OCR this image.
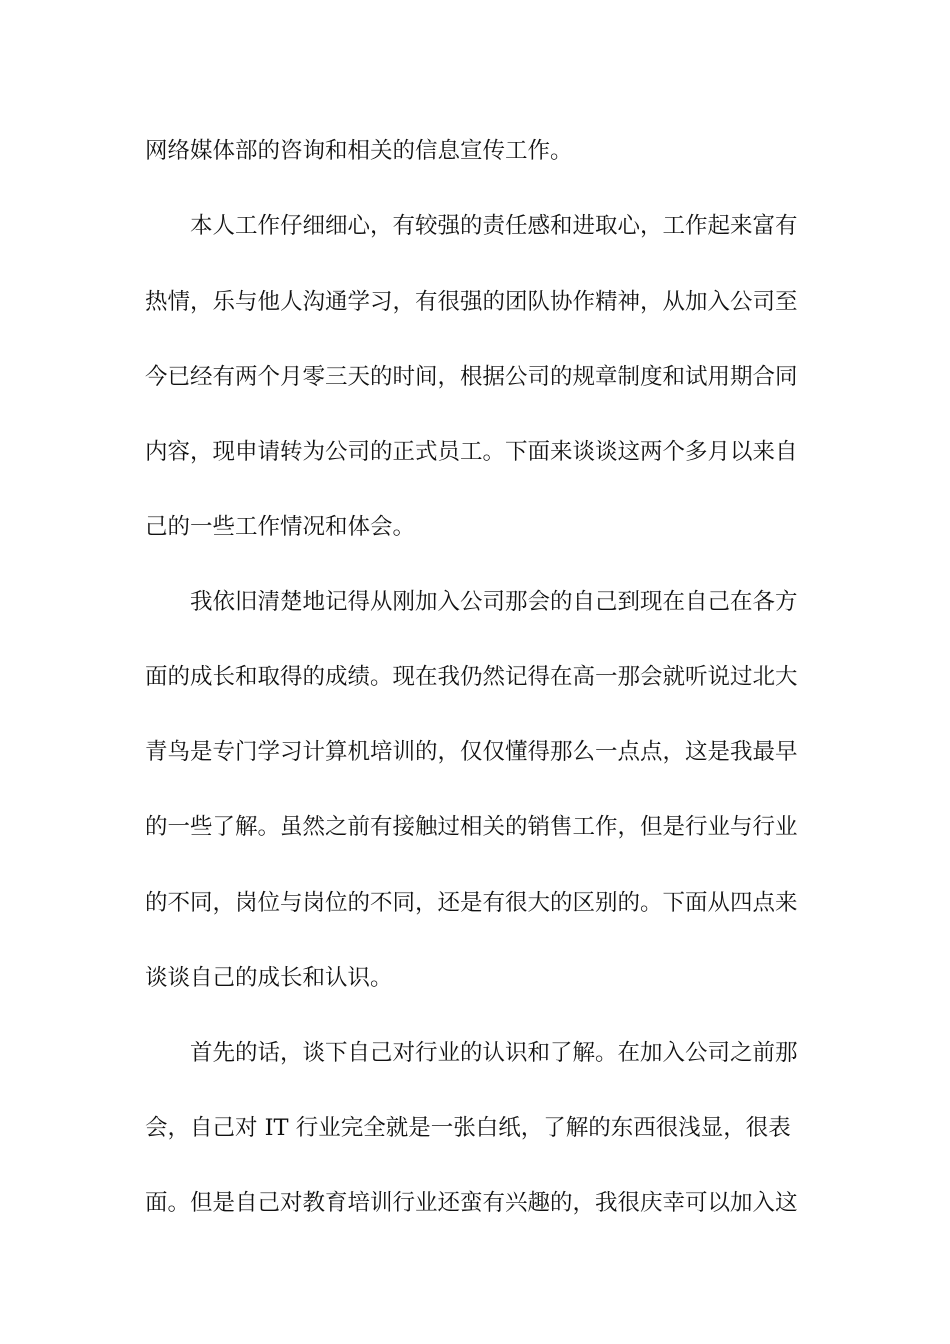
网络媒体部的咨询和相关的信息宣传工作。
本人工作仔细细心，有较强的责任感和进取心，工作起来富有
热情，乐与他人沟通学习，有很强的团队协作精神，从加入公司至
今已经有两个月零三天的时间，根据公司的规章制度和试用期合同
内容，现申请转为公司的正式员工。下面来谈谈这两个多月以来自
己的一些工作情况和体会。
我依旧清楚地记得从刚加入公司那会的自己到现在自己在各方
面的成长和取得的成绩。现在我仍然记得在高一那会就听说过北大
青鸟是专门学习计算机培训的，仅仅懂得那么一点点，这是我最早
的一些了解。虽然之前有接触过相关的销售工作，但是行业与行业
的不同，岗位与岗位的不同，还是有很大的区别的。下面从四点来
谈谈自己的成长和认识。
首先的话，谈下自己对行业的认识和了解。在加入公司之前那
会，自己对 IT 行业完全就是一张白纸，了解的东西很浅显，很表
面。但是自己对教育培训行业还蛮有兴趣的，我很庆幸可以加入这
